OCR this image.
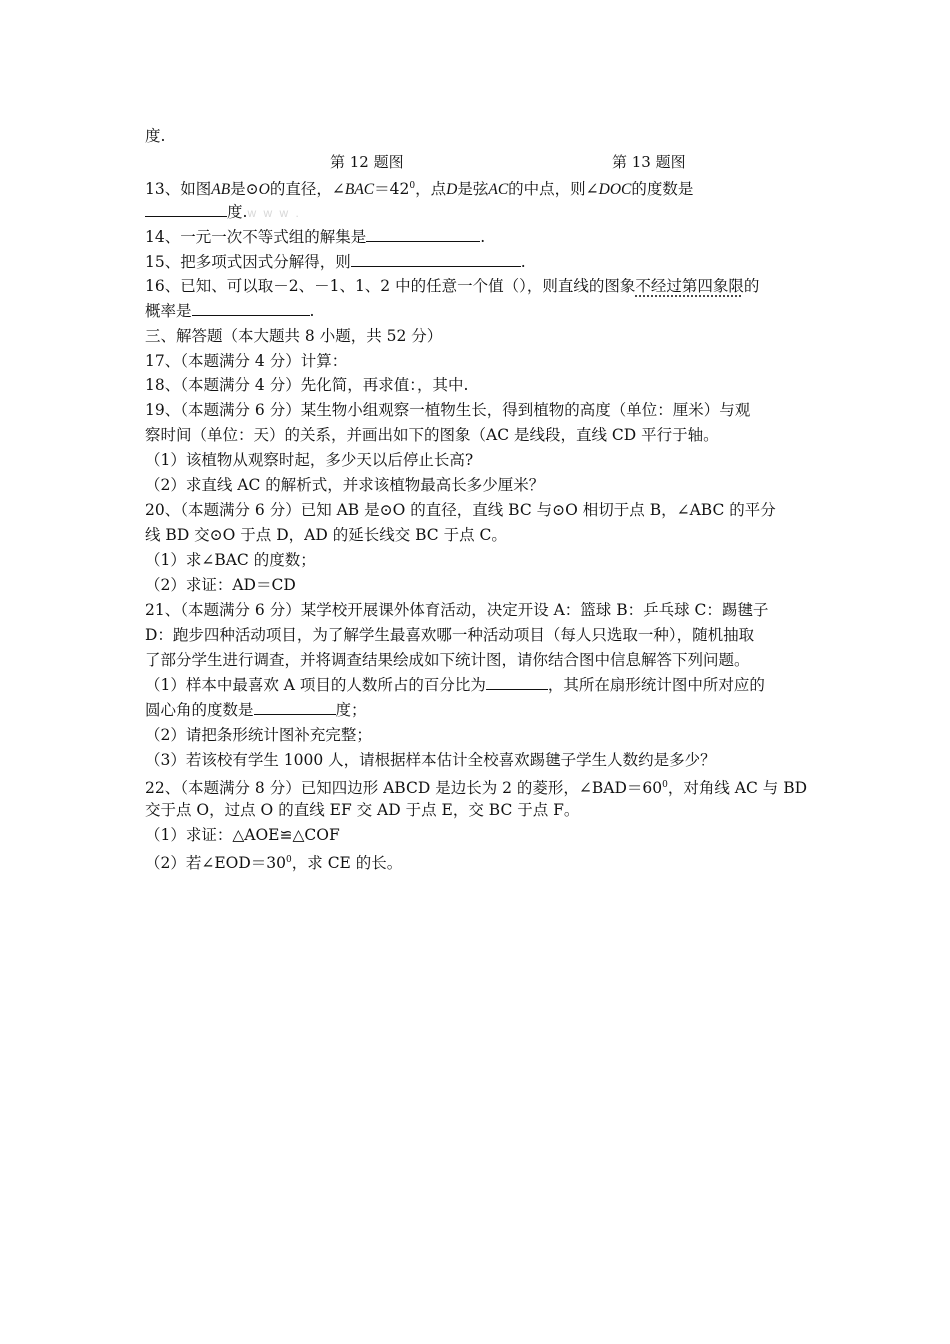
度.
第 12 题图	第 13 题图
13、如图AB是⊙O的直径，$\angle BAC=42^0$，点D是弦AC的中点，则∠DOC的度数是
度.w w w .
14、一元一次不等式组的解集是	.
15、把多项式因式分解得，则	.
16、已知、可以取－2、－1、1、2 中的任意一个值（），则直线的图象不经过第四象限的
概率是	.
三、解答题（本大题共 8 小题，共 52 分）
17、（本题满分 4 分）计算：
18、（本题满分 4 分）先化简，再求值：，其中.
19、（本题满分 6 分）某生物小组观察一植物生长，得到植物的高度（单位：厘米）与观
察时间（单位：天）的关系，并画出如下的图象（AC 是线段，直线 CD 平行于轴。
（1）该植物从观察时起，多少天以后停止长高?
（2）求直线 AC 的解析式，并求该植物最高长多少厘米？
20、（本题满分 6 分）已知 AB 是⊙O 的直径，直线 BC 与⊙O 相切于点 B，∠ABC 的平分
线 BD 交⊙O 于点 D，AD 的延长线交 BC 于点 C。
（1）求∠BAC 的度数；
（2）求证：AD＝CD
21、（本题满分 6 分）某学校开展课外体育活动，决定开设 A：篮球 B：乒乓球 C：踢毽子
D：跑步四种活动项目，为了解学生最喜欢哪一种活动项目（每人只选取一种），随机抽取
了部分学生进行调查，并将调查结果绘成如下统计图，请你结合图中信息解答下列问题。
（1）样本中最喜欢 A 项目的人数所占的百分比为	，其所在扇形统计图中所对应的
圆心角的度数是	度；
（2）请把条形统计图补充完整；
（3）若该校有学生 1000 人，请根据样本估计全校喜欢踢毽子学生人数约是多少？
22、（本题满分 8 分）已知四边形 ABCD 是边长为 2 的菱形，$\angle BAD=60^0$，对角线 AC 与 BD
交于点 O，过点 O 的直线 EF 交 AD 于点 E，交 BC 于点 F。
（1）求证：△AOE≌△COF
（2）若$\angle EOD=30^0$，求 CE 的长。
